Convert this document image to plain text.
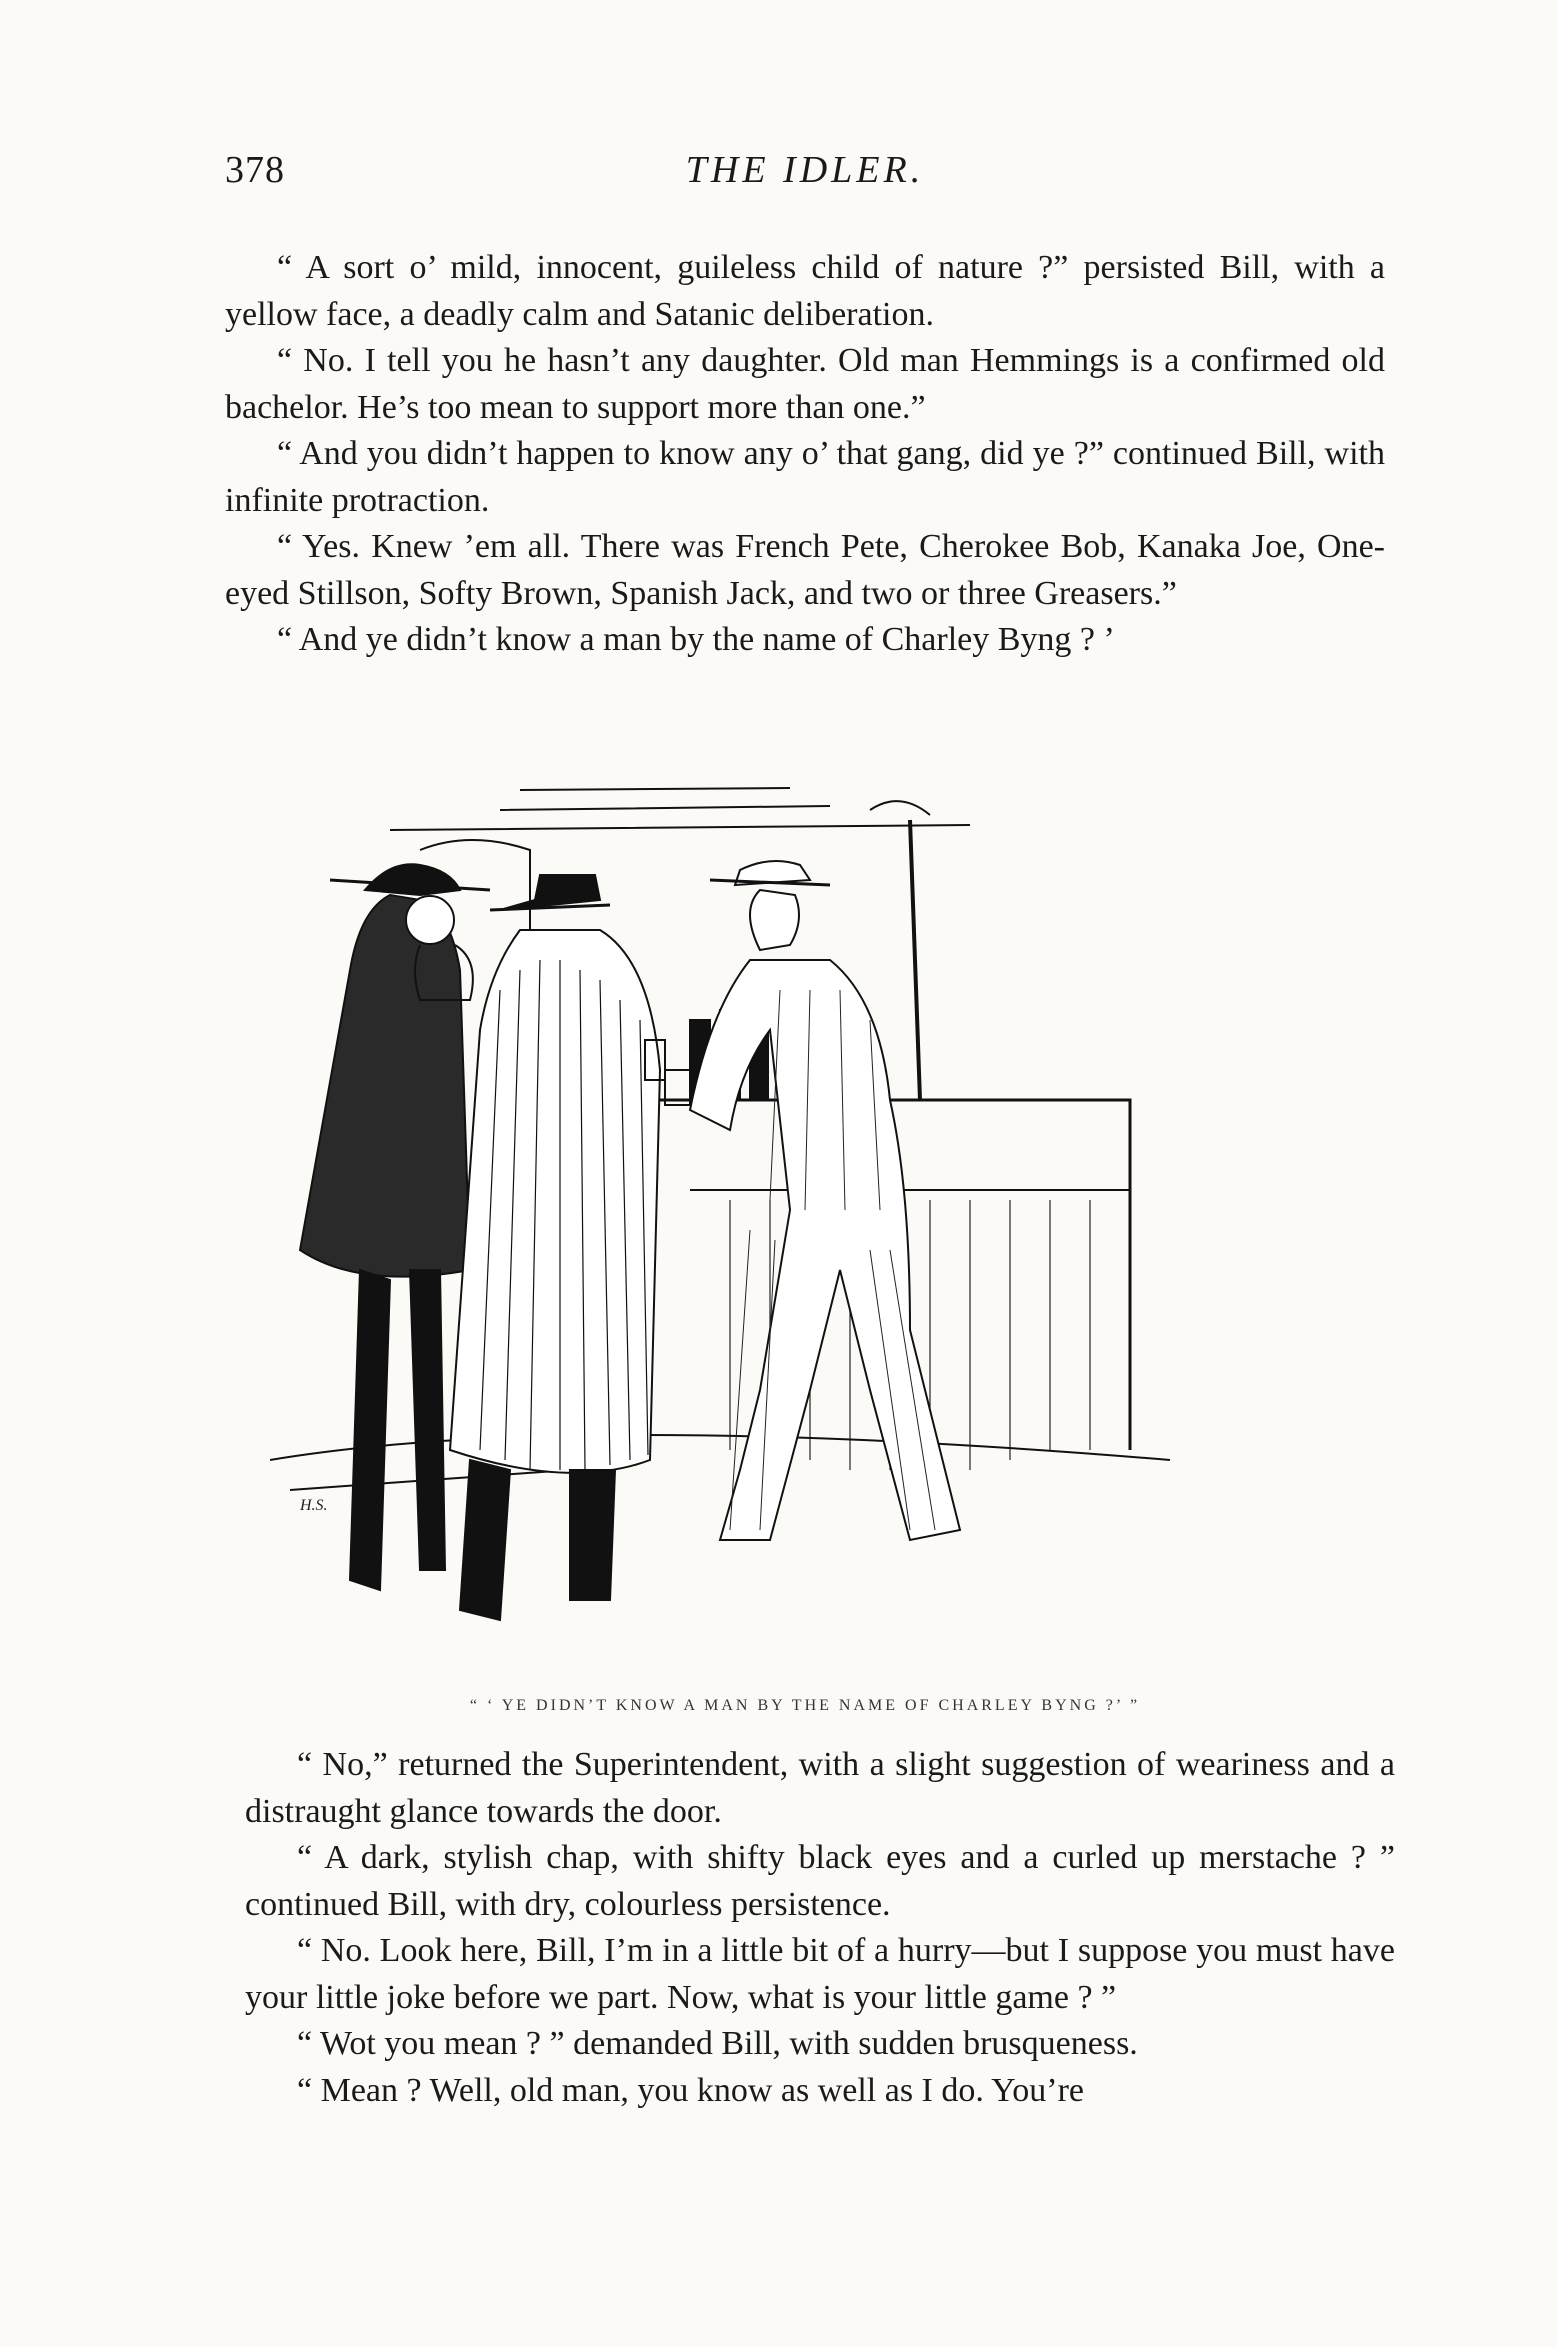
378	THE IDLER.

“ A sort o’ mild, innocent, guileless child of nature ?” persisted Bill, with a yellow face, a deadly calm and Satanic deliberation.

“ No. I tell you he hasn’t any daughter. Old man Hemmings is a confirmed old bachelor. He’s too mean to support more than one.”

“ And you didn’t happen to know any o’ that gang, did ye ?” continued Bill, with infinite protraction.

“ Yes. Knew ’em all. There was French Pete, Cherokee Bob, Kanaka Joe, One-eyed Stillson, Softy Brown, Spanish Jack, and two or three Greasers.”

“ And ye didn’t know a man by the name of Charley Byng ? ’

H.S.
“ ‘ YE DIDN’T KNOW A MAN BY THE NAME OF CHARLEY BYNG ?’ ”

“ No,” returned the Superintendent, with a slight suggestion of weariness and a distraught glance towards the door.

“ A dark, stylish chap, with shifty black eyes and a curled up merstache ? ” continued Bill, with dry, colourless persistence.

“ No. Look here, Bill, I’m in a little bit of a hurry—but I suppose you must have your little joke before we part. Now, what is your little game ? ”

“ Wot you mean ? ” demanded Bill, with sudden brusqueness.

“ Mean ? Well, old man, you know as well as I do. You’re
